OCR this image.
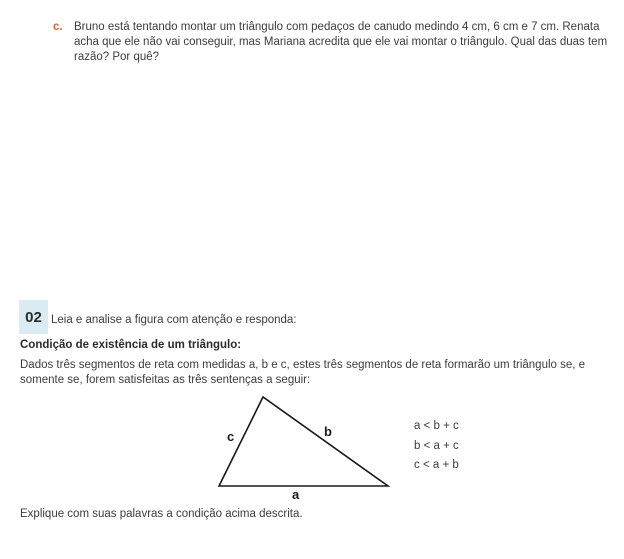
c. Bruno está tentando montar um triângulo com pedaços de canudo medindo 4 cm, 6 cm e 7 cm. Renata acha que ele não vai conseguir, mas Mariana acredita que ele vai montar o triângulo. Qual das duas tem razão? Por quê?
02 Leia e analise a figura com atenção e responda:
Condição de existência de um triângulo:
Dados três segmentos de reta com medidas a, b e c, estes três segmentos de reta formarão um triângulo se, e somente se, forem satisfeitas as três sentenças a seguir:
c	b
a
a < b + c
b < a + c
c < a + b
Explique com suas palavras a condição acima descrita.
